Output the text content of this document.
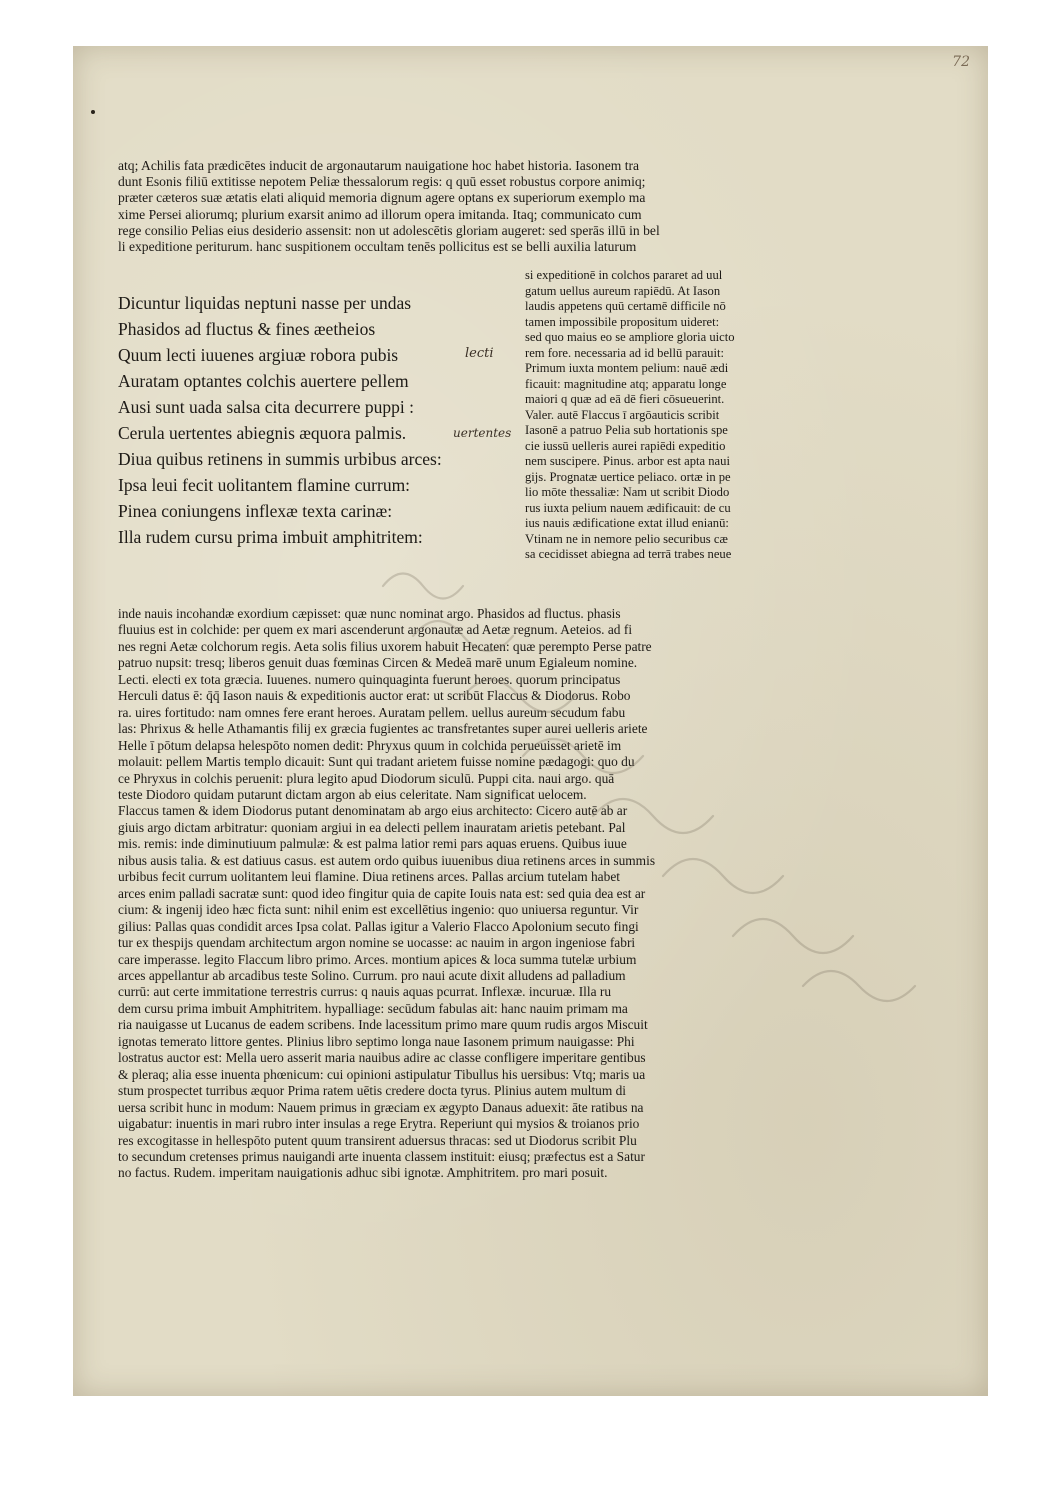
72

atq; Achilis fata prædicētes inducit de argonautarum nauigatione hoc habet historia. Iasonem tra

dunt Esonis filiū extitisse nepotem Peliæ thessalorum regis: q quū esset robustus corpore animiq;

præter cæteros suæ ætatis elati aliquid memoria dignum agere optans ex superiorum exemplo ma

xime Persei aliorumq; plurium exarsit animo ad illorum opera imitanda. Itaq; communicato cum

rege consilio Pelias eius desiderio assensit: non ut adolescētis gloriam augeret: sed sperās illū in bel

li expeditione periturum. hanc suspitionem occultam tenēs pollicitus est se belli auxilia laturum

Dicuntur liquidas neptuni nasse per undas
Phasidos ad fluctus & fines æetheios
Quum lecti iuuenes argiuæ robora pubis
Auratam optantes colchis auertere pellem
Ausi sunt uada salsa cita decurrere puppi :
Cerula uertentes abiegnis æquora palmis.
Diua quibus retinens in summis urbibus arces:
Ipsa leui fecit uolitantem flamine currum:
Pinea coniungens inflexæ texta carinæ:
Illa rudem cursu prima imbuit amphitritem:
lecti
uertentes

si expeditionē in colchos pararet ad uul

gatum uellus aureum rapiēdū. At Iason

laudis appetens quū certamē difficile nō

tamen impossibile propositum uideret:

sed quo maius eo se ampliore gloria uicto

rem fore. necessaria ad id bellū parauit:

Primum iuxta montem pelium: nauē ædi

ficauit: magnitudine atq; apparatu longe

maiori q quæ ad eā dē fieri cōsueuerint.

Valer. autē Flaccus ī argōauticis scribit

Iasonē a patruo Pelia sub hortationis spe

cie iussū uelleris aurei rapiēdi expeditio

nem suscipere. Pinus. arbor est apta naui

gijs. Prognatæ uertice peliaco. ortæ in pe

lio mōte thessaliæ: Nam ut scribit Diodo

rus iuxta pelium nauem ædificauit: de cu

ius nauis ædificatione extat illud enianū:

Vtinam ne in nemore pelio securibus cæ

sa cecidisset abiegna ad terrā trabes neue

inde nauis incohandæ exordium cæpisset: quæ nunc nominat argo. Phasidos ad fluctus. phasis

fluuius est in colchide: per quem ex mari ascenderunt argonautæ ad Aetæ regnum. Aeteios. ad fi

nes regni Aetæ colchorum regis. Aeta solis filius uxorem habuit Hecaten: quæ perempto Perse patre

patruo nupsit: tresq; liberos genuit duas fœminas Circen & Medeā marē unum Egialeum nomine.

Lecti. electi ex tota græcia. Iuuenes. numero quinquaginta fuerunt heroes. quorum principatus

Herculi datus ē: q̄q̄ Iason nauis & expeditionis auctor erat: ut scribūt Flaccus & Diodorus. Robo

ra. uires fortitudo: nam omnes fere erant heroes. Auratam pellem. uellus aureum secudum fabu

las: Phrixus & helle Athamantis filij ex græcia fugientes ac transfretantes super aurei uelleris ariete

Helle ī pōtum delapsa helespōto nomen dedit: Phryxus quum in colchida perueuisset arietē im

molauit: pellem Martis templo dicauit: Sunt qui tradant arietem fuisse nomine pædagogi: quo du

ce Phryxus in colchis peruenit: plura legito apud Diodorum siculū. Puppi cita. naui argo. quā

teste Diodoro quidam putarunt dictam argon ab eius celeritate. Nam significat uelocem.

Flaccus tamen & idem Diodorus putant denominatam ab argo eius architecto: Cicero autē ab ar

giuis argo dictam arbitratur: quoniam argiui in ea delecti pellem inauratam arietis petebant. Pal

mis. remis: inde diminutiuum palmulæ: & est palma latior remi pars aquas eruens. Quibus iuue

nibus ausis talia. & est datiuus casus. est autem ordo quibus iuuenibus diua retinens arces in summis

urbibus fecit currum uolitantem leui flamine. Diua retinens arces. Pallas arcium tutelam habet

arces enim palladi sacratæ sunt: quod ideo fingitur quia de capite Iouis nata est: sed quia dea est ar

cium: & ingenij ideo hæc ficta sunt: nihil enim est excellētius ingenio: quo uniuersa reguntur. Vir

gilius: Pallas quas condidit arces Ipsa colat. Pallas igitur a Valerio Flacco Apolonium secuto fingi

tur ex thespijs quendam architectum argon nomine se uocasse: ac nauim in argon ingeniose fabri

care imperasse. legito Flaccum libro primo. Arces. montium apices & loca summa tutelæ urbium

arces appellantur ab arcadibus teste Solino. Currum. pro naui acute dixit alludens ad palladium

currū: aut certe immitatione terrestris currus: q nauis aquas pcurrat. Inflexæ. incuruæ. Illa ru

dem cursu prima imbuit Amphitritem. hypalliage: secūdum fabulas ait: hanc nauim primam ma

ria nauigasse ut Lucanus de eadem scribens. Inde lacessitum primo mare quum rudis argos Miscuit

ignotas temerato littore gentes. Plinius libro septimo longa naue Iasonem primum nauigasse: Phi

lostratus auctor est: Mella uero asserit maria nauibus adire ac classe confligere imperitare gentibus

& pleraq; alia esse inuenta phœnicum: cui opinioni astipulatur Tibullus his uersibus: Vtq; maris ua

stum prospectet turribus æquor Prima ratem uētis credere docta tyrus. Plinius autem multum di

uersa scribit hunc in modum: Nauem primus in græciam ex ægypto Danaus aduexit: āte ratibus na

uigabatur: inuentis in mari rubro inter insulas a rege Erytra. Reperiunt qui mysios & troianos prio

res excogitasse in hellespōto putent quum transirent aduersus thracas: sed ut Diodorus scribit Plu

to secundum cretenses primus nauigandi arte inuenta classem instituit: eiusq; præfectus est a Satur

no factus. Rudem. imperitam nauigationis adhuc sibi ignotæ. Amphitritem. pro mari posuit.
